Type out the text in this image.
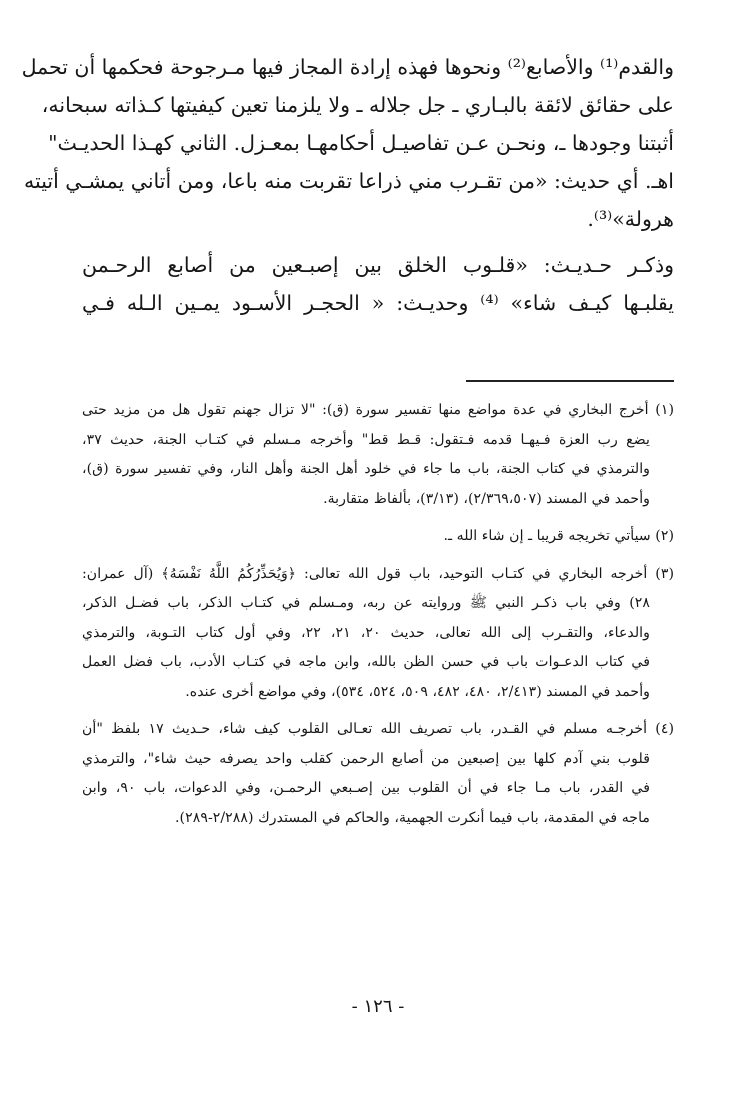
والقدم⁽¹⁾ والأصابع⁽²⁾ ونحوها فهذه إرادة المجاز فيها مـرجوحة فحكمها أن تحمل
على حقائق لائقة بالبـاري ـ جل جلاله ـ ولا يلزمنا تعين كيفيتها كـذاته سبحانه،
أثبتنا وجودها ـ، ونحـن عـن تفاصيـل أحكامهـا بمعـزل. الثاني كهـذا الحديـث"
اهـ. أي حديث: «من تقـرب مني ذراعا تقربت منه باعا، ومن أتاني يمشـي أتيته
هرولة»⁽³⁾.
وذكـر حـديـث: «قلـوب الخلق بين إصبـعين من أصابع الرحـمن
يقلبـها كيـف شاء» ⁽⁴⁾ وحديـث: « الحجـر الأسـود يمـين الـله فـي
(١) أخرج البخاري في عدة مواضع منها تفسير سورة (ق): "لا تزال جهنم تقول هل من مزيد حتى
يضع رب العزة فـيهـا قدمه فـتقول: قـط قط" وأخرجه مـسلم في كتـاب الجنة، حديث ٣٧،
والترمذي في كتاب الجنة، باب ما جاء في خلود أهل الجنة وأهل النار، وفي تفسير سورة (ق)،
وأحمد في المسند (٢/٣٦٩،٥٠٧)، (٣/١٣)، بألفاظ متقاربة.
(٢) سيأتي تخريجه قريبا ـ إن شاء الله ـ.
(٣) أخرجه البخاري في كتـاب التوحيد، باب قول الله تعالى: ﴿وَيُحَذِّرُكُمُ اللَّهُ نَفْسَهُ﴾ (آل عمران:
٢٨) وفي باب ذكـر النبي ﷺ وروايته عن ربه، ومـسلم في كتـاب الذكر، باب فضـل الذكر،
والدعاء، والتقـرب إلى الله تعالى، حديث ٢٠، ٢١، ٢٢، وفي أول كتاب التـوبة، والترمذي
في كتاب الدعـوات باب في حسن الظن بالله، وابن ماجه في كتـاب الأدب، باب فضل العمل
وأحمد في المسند (٢/٤١٣، ٤٨٠، ٤٨٢، ٥٠٩، ٥٢٤، ٥٣٤)، وفي مواضع أخرى عنده.
(٤) أخرجـه مسلم في القـدر، باب تصريف الله تعـالى القلوب كيف شاء، حـديث ١٧ بلفظ "أن
قلوب بني آدم كلها بين إصبعين من أصابع الرحمن كقلب واحد يصرفه حيث شاء"، والترمذي
في القدر، باب مـا جاء في أن القلوب بين إصـبعي الرحمـن، وفي الدعوات، باب ٩٠، وابن
ماجه في المقدمة، باب فيما أنكرت الجهمية، والحاكم في المستدرك (٢/٢٨٨-٢٨٩).
- ١٢٦ -
